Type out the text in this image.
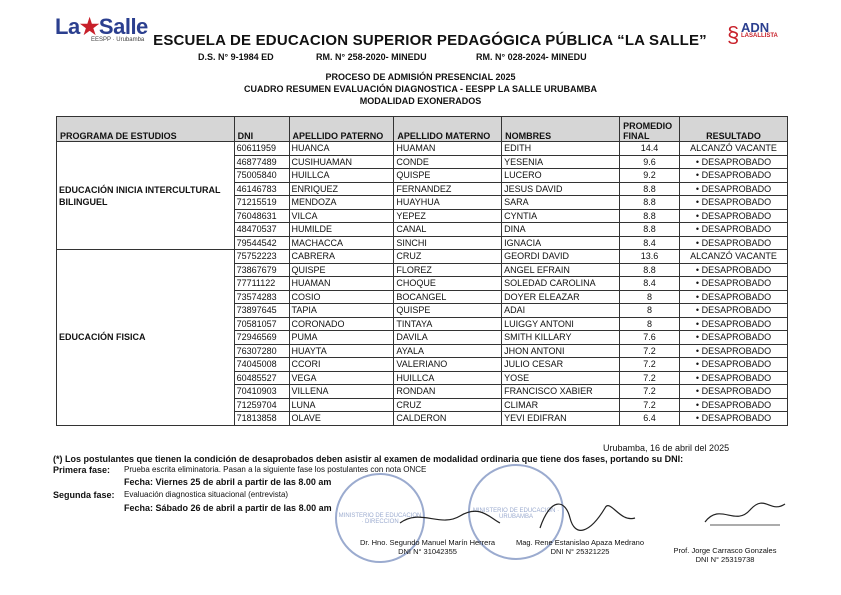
La★Salle
EESPP · Urubamba	§ ADN
LASALLISTA
ESCUELA DE EDUCACION SUPERIOR PEDAGÓGICA PÚBLICA “LA SALLE”
D.S. N° 9-1984 ED	RM. N° 258-2020- MINEDU	RM. N° 028-2024- MINEDU
PROCESO DE ADMISIÓN PRESENCIAL 2025
CUADRO RESUMEN EVALUACIÓN DIAGNOSTICA - EESPP LA SALLE URUBAMBA
MODALIDAD EXONERADOS
PROGRAMA DE ESTUDIOS	DNI	APELLIDO PATERNO	APELLIDO MATERNO	NOMBRES	PROMEDIO FINAL	RESULTADO
EDUCACIÓN INICIA INTERCULTURAL BILINGUEL	60611959	HUANCA	HUAMAN	EDITH	14.4	ALCANZÓ VACANTE
	46877489	CUSIHUAMAN	CONDE	YESENIA	9.6	• DESAPROBADO
	75005840	HUILLCA	QUISPE	LUCERO	9.2	• DESAPROBADO
	46146783	ENRIQUEZ	FERNANDEZ	JESUS DAVID	8.8	• DESAPROBADO
	71215519	MENDOZA	HUAYHUA	SARA	8.8	• DESAPROBADO
	76048631	VILCA	YEPEZ	CYNTIA	8.8	• DESAPROBADO
	48470537	HUMILDE	CANAL	DINA	8.8	• DESAPROBADO
	79544542	MACHACCA	SINCHI	IGNACIA	8.4	• DESAPROBADO
EDUCACIÓN FISICA	75752223	CABRERA	CRUZ	GEORDI DAVID	13.6	ALCANZÓ VACANTE
	73867679	QUISPE	FLOREZ	ANGEL EFRAIN	8.8	• DESAPROBADO
	77711122	HUAMAN	CHOQUE	SOLEDAD CAROLINA	8.4	• DESAPROBADO
	73574283	COSIO	BOCANGEL	DOYER ELEAZAR	8	• DESAPROBADO
	73897645	TAPIA	QUISPE	ADAI	8	• DESAPROBADO
	70581057	CORONADO	TINTAYA	LUIGGY ANTONI	8	• DESAPROBADO
	72946569	PUMA	DAVILA	SMITH KILLARY	7.6	• DESAPROBADO
	76307280	HUAYTA	AYALA	JHON ANTONI	7.2	• DESAPROBADO
	74045008	CCORI	VALERIANO	JULIO CESAR	7.2	• DESAPROBADO
	60485527	VEGA	HUILLCA	YOSE	7.2	• DESAPROBADO
	70410903	VILLENA	RONDAN	FRANCISCO XABIER	7.2	• DESAPROBADO
	71259704	LUNA	CRUZ	CLIMAR	7.2	• DESAPROBADO
	71813858	OLAVE	CALDERON	YEVI EDIFRAN	6.4	• DESAPROBADO
Urubamba, 16 de abril del 2025
(*) Los postulantes que tienen la condición de desaprobados deben asistir al examen de modalidad ordinaria que tiene dos fases, portando su DNI:
Primera fase: Prueba escrita eliminatoria. Pasan a la siguiente fase los postulantes con nota ONCE
Fecha: Viernes 25 de abril a partir de las 8.00 am
Segunda fase: Evaluación diagnostica situacional (entrevista)
Fecha: Sábado 26 de abril a partir de las 8.00 am
MINISTERIO DE EDUCACION · DIRECCION
MINISTERIO DE EDUCACION · URUBAMBA
Dr. Hno. Segundo Manuel Marín Herrera
DNI N° 31042355
Mag. Rene Estanislao Apaza Medrano
DNI N° 25321225	Prof. Jorge Carrasco Gonzales
DNI N° 25319738
